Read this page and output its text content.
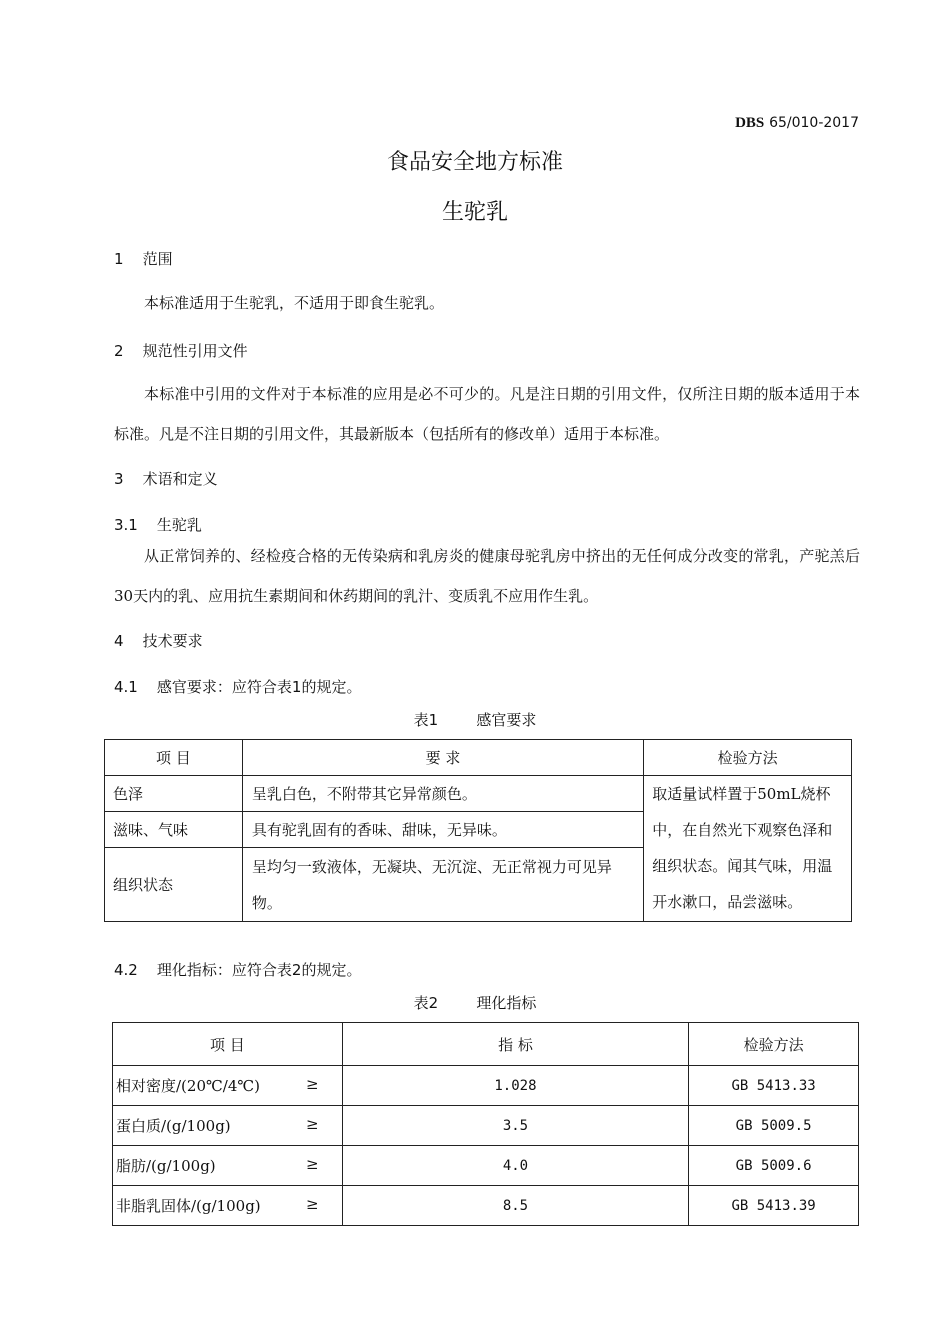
DBS 65/010-2017
食品安全地方标准
生驼乳
1    范围
本标准适用于生驼乳，不适用于即食生驼乳。
2    规范性引用文件
本标准中引用的文件对于本标准的应用是必不可少的。凡是注日期的引用文件，仅所注日期的版本适用于本标准。凡是不注日期的引用文件，其最新版本（包括所有的修改单）适用于本标准。
3    术语和定义
3.1    生驼乳
从正常饲养的、经检疫合格的无传染病和乳房炎的健康母驼乳房中挤出的无任何成分改变的常乳，产驼羔后30天内的乳、应用抗生素期间和休药期间的乳汁、变质乳不应用作生乳。
4    技术要求
4.1    感官要求：应符合表1的规定。
表1        感官要求
项 目	要 求	检验方法
色泽	呈乳白色，不附带其它异常颜色。	取适量试样置于50mL烧杯中，在自然光下观察色泽和组织状态。闻其气味，用温开水漱口，品尝滋味。
滋味、气味	具有驼乳固有的香味、甜味，无异味。	
组织状态	呈均匀一致液体，无凝块、无沉淀、无正常视力可见异物。	
4.2    理化指标：应符合表2的规定。
表2        理化指标
项 目	指 标	检验方法
相对密度/(20℃/4℃) ≥	1.028	GB 5413.33
蛋白质/(g/100g) ≥	3.5	GB 5009.5
脂肪/(g/100g) ≥	4.0	GB 5009.6
非脂乳固体/(g/100g) ≥	8.5	GB 5413.39
